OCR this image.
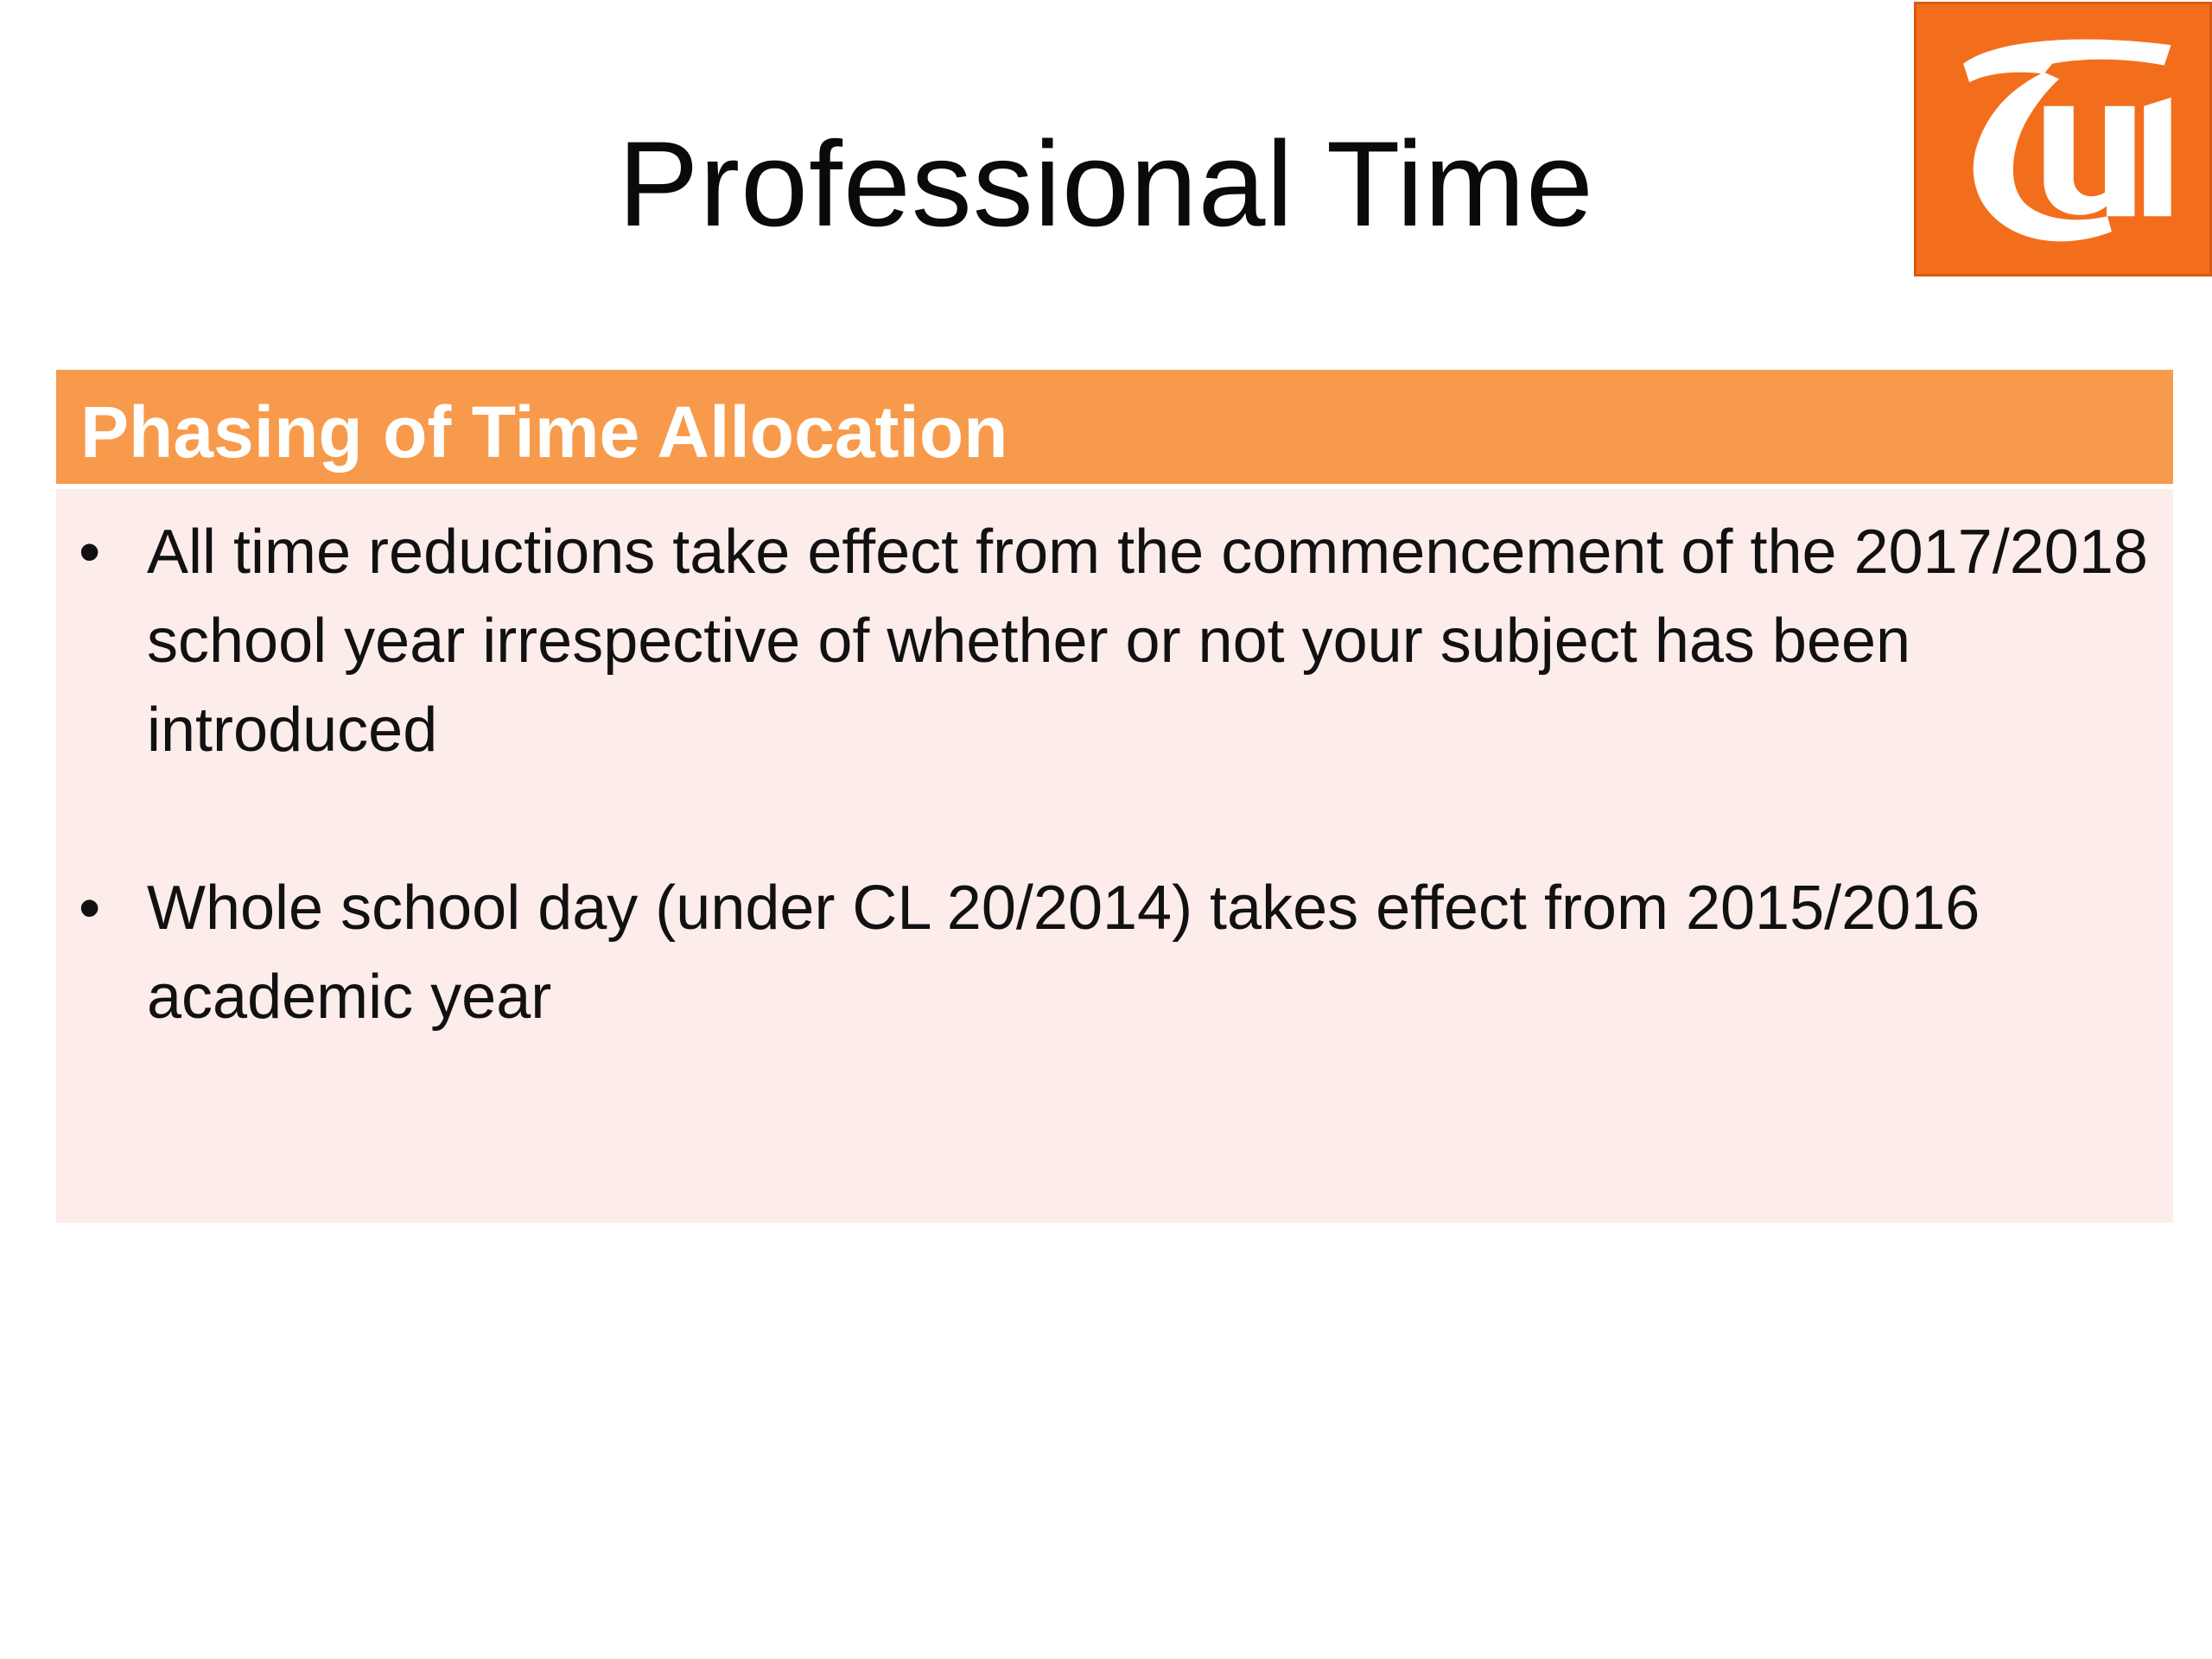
Professional Time
Phasing of Time Allocation
• All time reductions take effect from the commencement of the 2017/2018 school year irrespective of whether or not your subject has been introduced
• Whole school day (under CL 20/2014) takes effect from 2015/2016 academic year
